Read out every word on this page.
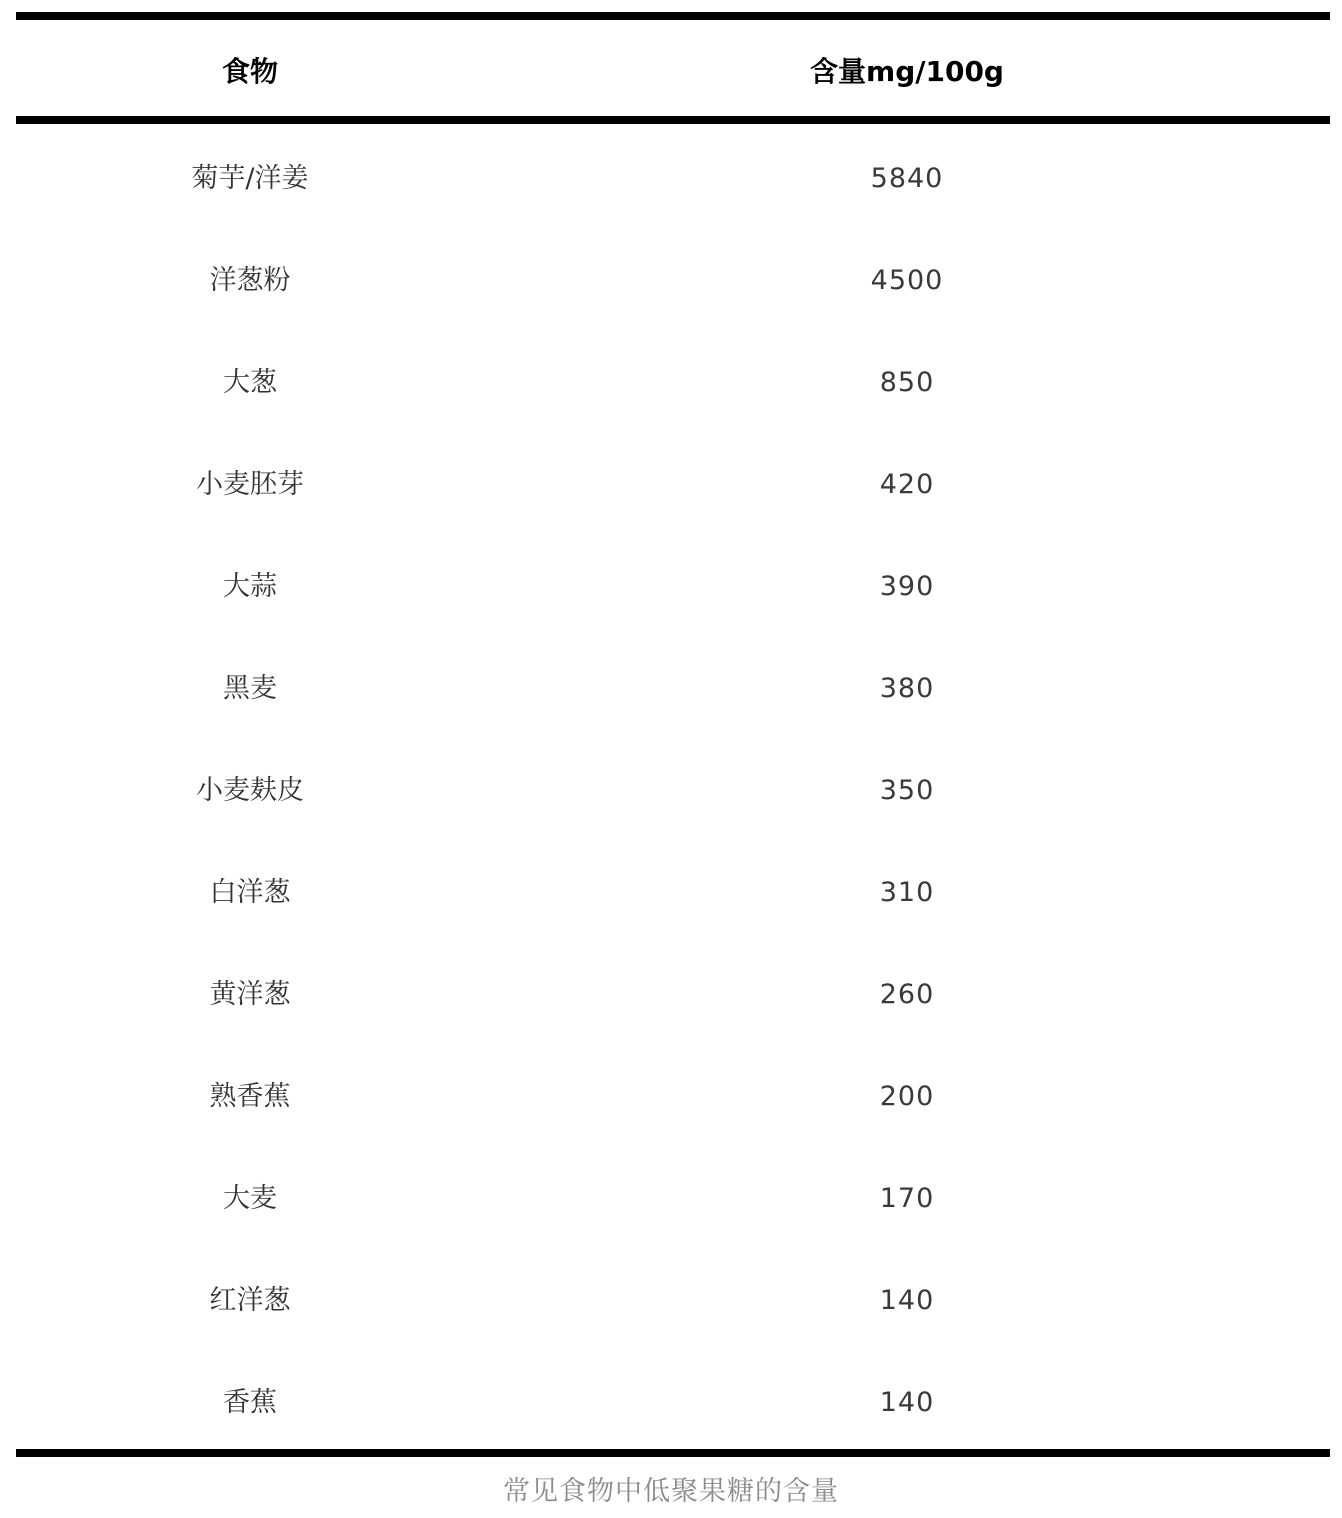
食物	含量mg/100g
菊芋/洋姜	5840
洋葱粉	4500
大葱	850
小麦胚芽	420
大蒜	390
黑麦	380
小麦麸皮	350
白洋葱	310
黄洋葱	260
熟香蕉	200
大麦	170
红洋葱	140
香蕉	140
常见食物中低聚果糖的含量
